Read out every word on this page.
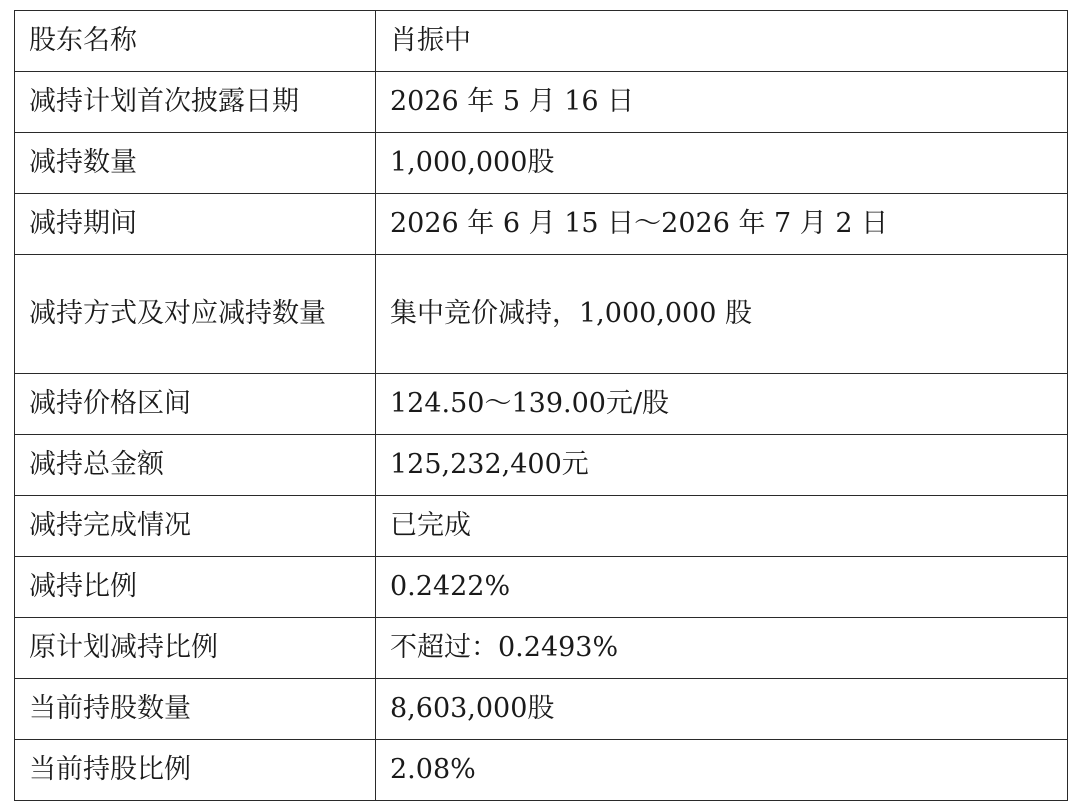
股东名称	肖振中
减持计划首次披露日期	2026 年 5 月 16 日
减持数量	1,000,000股
减持期间	2026 年 6 月 15 日～2026 年 7 月 2 日
减持方式及对应减持数量	集中竞价减持，1,000,000 股
减持价格区间	124.50～139.00元/股
减持总金额	125,232,400元
减持完成情况	已完成
减持比例	0.2422%
原计划减持比例	不超过：0.2493%
当前持股数量	8,603,000股
当前持股比例	2.08%
